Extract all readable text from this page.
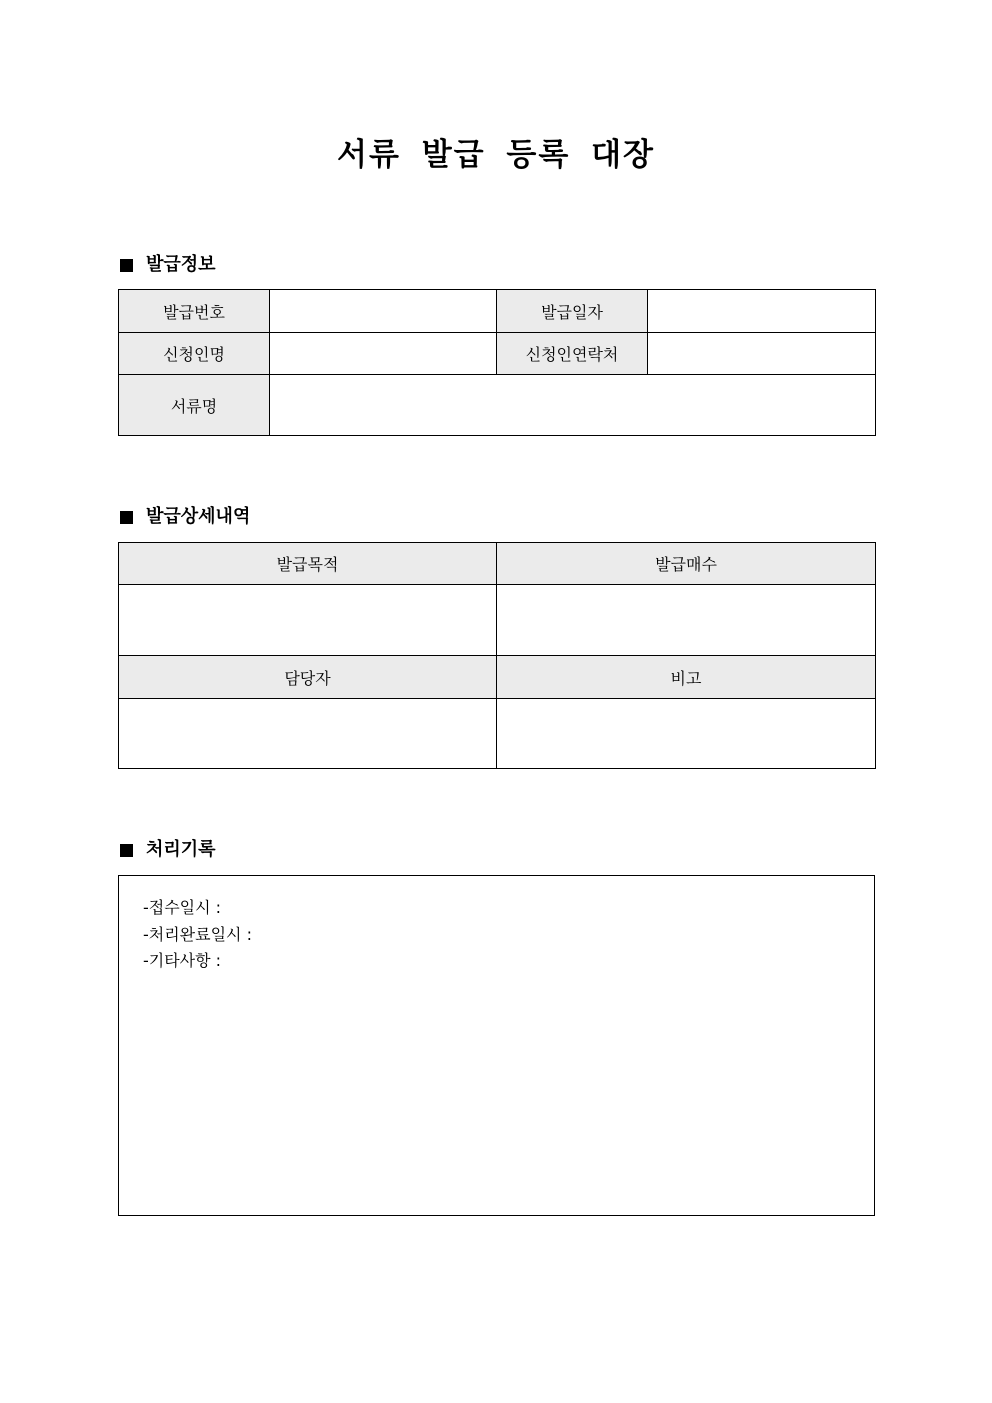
서류 발급 등록 대장
발급정보
발급번호		발급일자	
신청인명		신청인연락처	
서류명			
발급상세내역
발급목적	발급매수

담당자	비고

처리기록
-접수일시 :
-처리완료일시 :
-기타사항 :
